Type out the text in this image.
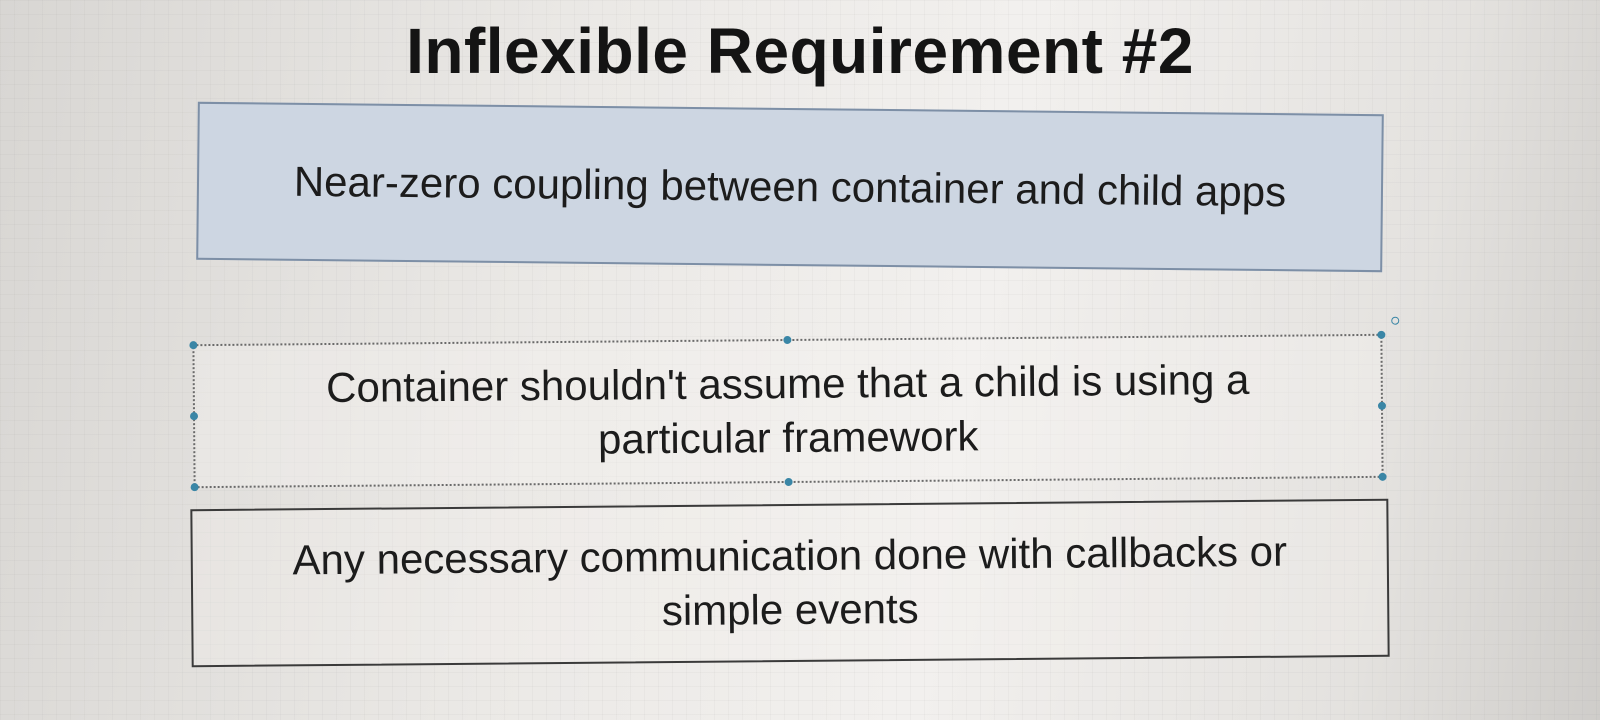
Inflexible Requirement #2
Near-zero coupling between container and child apps
Container shouldn't assume that a child is using a particular framework
Any necessary communication done with callbacks or simple events
